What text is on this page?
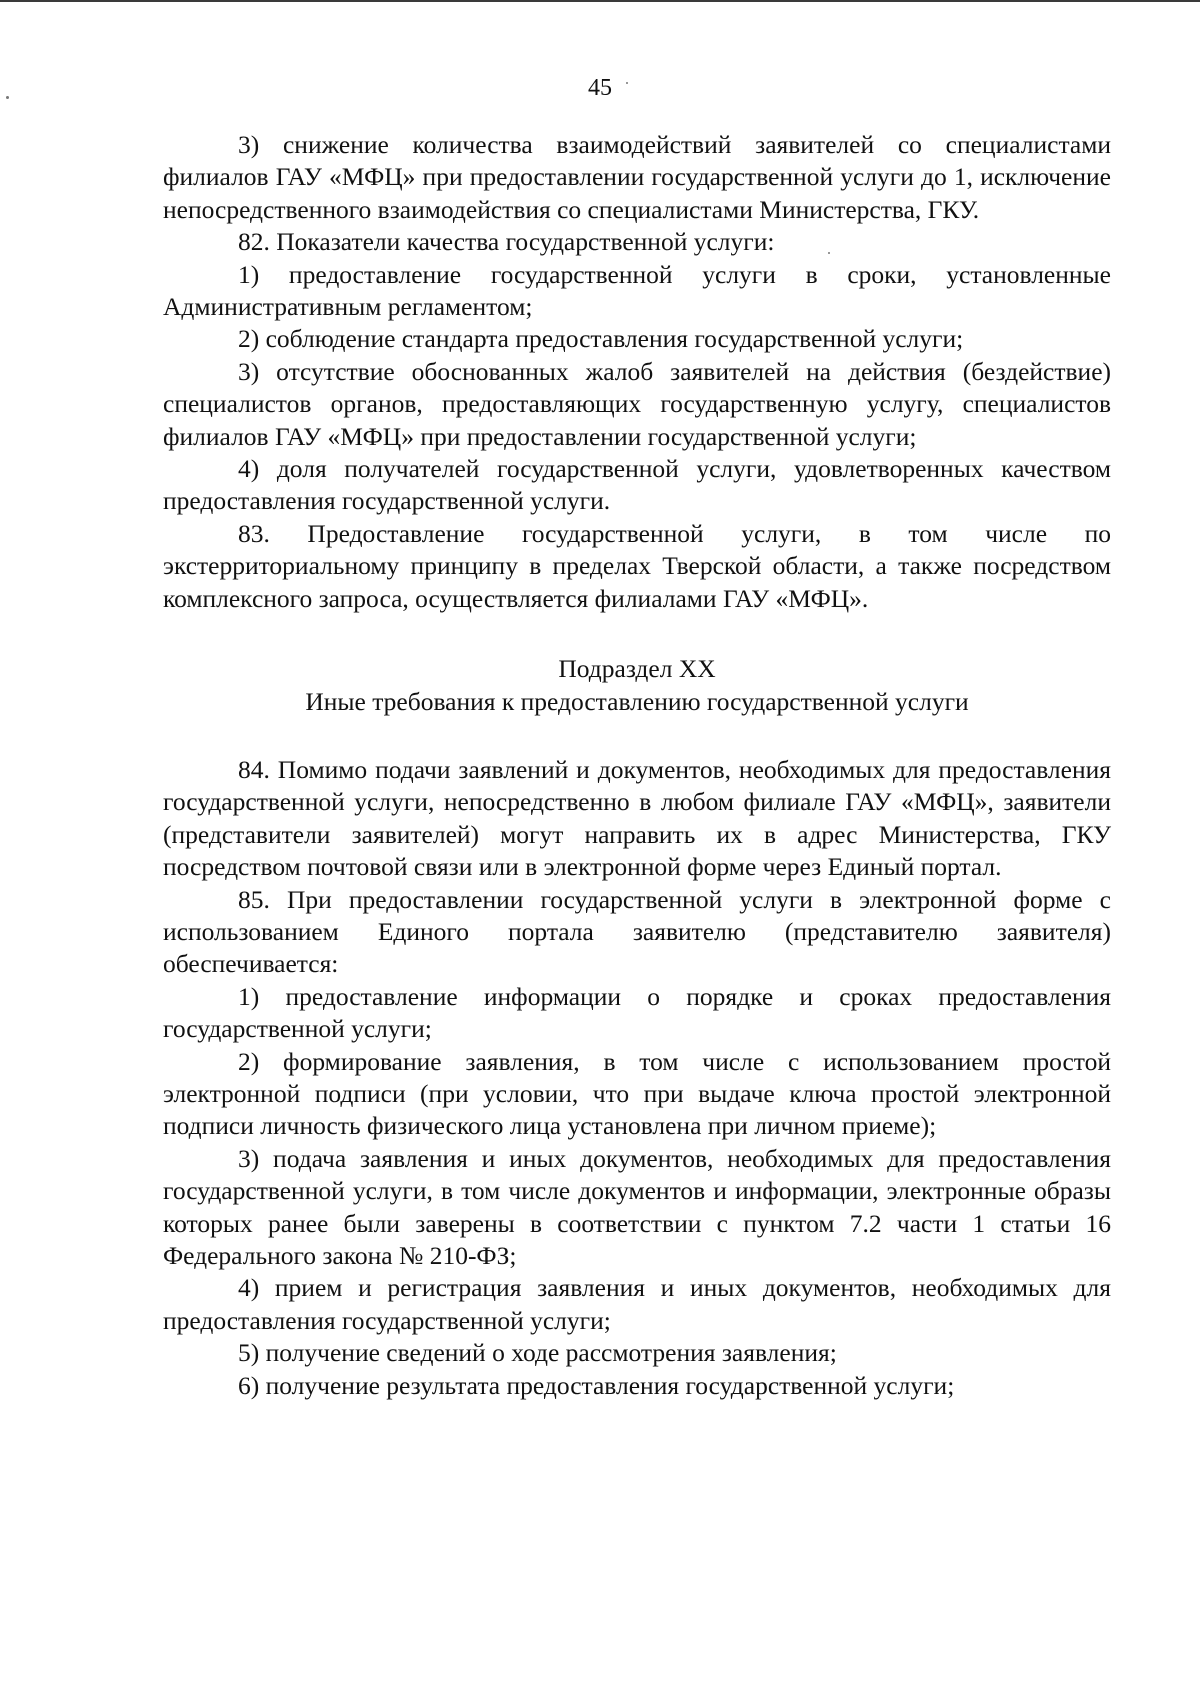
45

3) снижение количества взаимодействий заявителей со специалистами филиалов ГАУ «МФЦ» при предоставлении государственной услуги до 1, исключение непосредственного взаимодействия со специалистами Министерства, ГКУ.

82. Показатели качества государственной услуги:

1) предоставление государственной услуги в сроки, установленные Административным регламентом;

2) соблюдение стандарта предоставления государственной услуги;

3) отсутствие обоснованных жалоб заявителей на действия (бездействие) специалистов органов, предоставляющих государственную услугу, специалистов филиалов ГАУ «МФЦ» при предоставлении государственной услуги;

4) доля получателей государственной услуги, удовлетворенных качеством предоставления государственной услуги.

83. Предоставление государственной услуги, в том числе по экстерриториальному принципу в пределах Тверской области, а также посредством комплексного запроса, осуществляется филиалами ГАУ «МФЦ».

Подраздел XX

Иные требования к предоставлению государственной услуги

84. Помимо подачи заявлений и документов, необходимых для предоставления государственной услуги, непосредственно в любом филиале ГАУ «МФЦ», заявители (представители заявителей) могут направить их в адрес Министерства, ГКУ посредством почтовой связи или в электронной форме через Единый портал.

85. При предоставлении государственной услуги в электронной форме с использованием Единого портала заявителю (представителю заявителя) обеспечивается:

1) предоставление информации о порядке и сроках предоставления государственной услуги;

2) формирование заявления, в том числе с использованием простой электронной подписи (при условии, что при выдаче ключа простой электронной подписи личность физического лица установлена при личном приеме);

3) подача заявления и иных документов, необходимых для предоставления государственной услуги, в том числе документов и информации, электронные образы которых ранее были заверены в соответствии с пунктом 7.2 части 1 статьи 16 Федерального закона № 210-ФЗ;

4) прием и регистрация заявления и иных документов, необходимых для предоставления государственной услуги;

5) получение сведений о ходе рассмотрения заявления;

6) получение результата предоставления государственной услуги;
